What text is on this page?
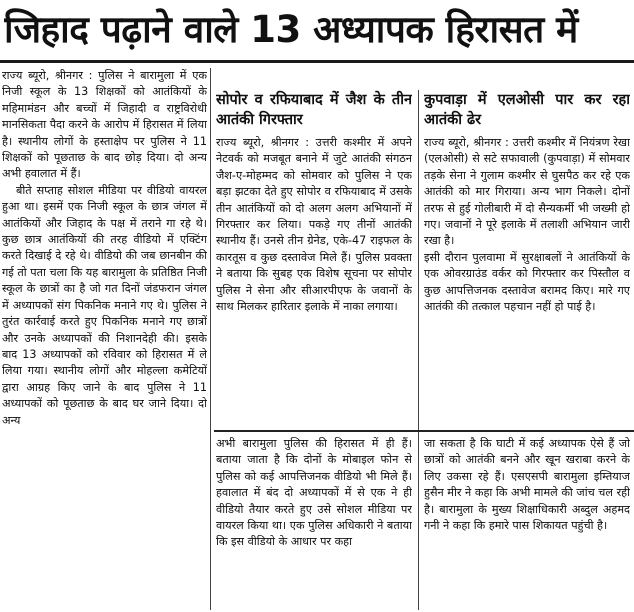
जिहाद पढ़ाने वाले 13 अध्यापक हिरासत में

राज्य ब्यूरो, श्रीनगर : पुलिस ने बारामुला में एक निजी स्कूल के 13 शिक्षकों को आतंकियों के महिमामंडन और बच्चों में जिहादी व राष्ट्रविरोधी मानसिकता पैदा करने के आरोप में हिरासत में लिया है। स्थानीय लोगों के हस्ताक्षेप पर पुलिस ने 11 शिक्षकों को पूछताछ के बाद छोड़ दिया। दो अन्य अभी हवालात में हैं।

बीते सप्ताह सोशल मीडिया पर वीडियो वायरल हुआ था। इसमें एक निजी स्कूल के छात्र जंगल में आतंकियों और जिहाद के पक्ष में तराने गा रहे थे। कुछ छात्र आतंकियों की तरह वीडियो में एक्टिंग करते दिखाई दे रहे थे। वीडियो की जब छानबीन की गई तो पता चला कि यह बारामुला के प्रतिष्ठित निजी स्कूल के छात्रों का है जो गत दिनों जंडफरान जंगल में अध्यापकों संग पिकनिक मनाने गए थे। पुलिस ने तुरंत कार्रवाई करते हुए पिकनिक मनाने गए छात्रों और उनके अध्यापकों की निशानदेही की। इसके बाद 13 अध्यापकों को रविवार को हिरासत में ले लिया गया। स्थानीय लोगों और मोहल्ला कमेटियों द्वारा आग्रह किए जाने के बाद पुलिस ने 11 अध्यापकों को पूछताछ के बाद घर जाने दिया। दो अन्य

सोपोर व रफियाबाद में जैश के तीन आतंकी गिरफ्तार

राज्य ब्यूरो, श्रीनगर : उत्तरी कश्मीर में अपने नेटवर्क को मजबूत बनाने में जुटे आतंकी संगठन जैश-ए-मोहम्मद को सोमवार को पुलिस ने एक बड़ा झटका देते हुए सोपोर व रफियाबाद में उसके तीन आतंकियों को दो अलग अलग अभियानों में गिरफ्तार कर लिया। पकड़े गए तीनों आतंकी स्थानीय हैं। उनसे तीन ग्रेनेड, एके-47 राइफल के कारतूस व कुछ दस्तावेज मिले हैं। पुलिस प्रवक्ता ने बताया कि सुबह एक विशेष सूचना पर सोपोर पुलिस ने सेना और सीआरपीएफ के जवानों के साथ मिलकर हारितार इलाके में नाका लगाया।

कुपवाड़ा में एलओसी पार कर रहा आतंकी ढेर

राज्य ब्यूरो, श्रीनगर : उत्तरी कश्मीर में नियंत्रण रेखा (एलओसी) से सटे सफावाली (कुपवाड़ा) में सोमवार तड़के सेना ने गुलाम कश्मीर से घुसपैठ कर रहे एक आतंकी को मार गिराया। अन्य भाग निकले। दोनों तरफ से हुई गोलीबारी में दो सैन्यकर्मी भी जख्मी हो गए। जवानों ने पूरे इलाके में तलाशी अभियान जारी रखा है।

इसी दौरान पुलवामा में सुरक्षाबलों ने आतंकियों के एक ओवरग्राउंड वर्कर को गिरफ्तार कर पिस्तौल व कुछ आपत्तिजनक दस्तावेज बरामद किए। मारे गए आतंकी की तत्काल पहचान नहीं हो पाई है।

अभी बारामुला पुलिस की हिरासत में ही हैं। बताया जाता है कि दोनों के मोबाइल फोन से पुलिस को कई आपत्तिजनक वीडियो भी मिले हैं। हवालात में बंद दो अध्यापकों में से एक ने ही वीडियो तैयार करते हुए उसे सोशल मीडिया पर वायरल किया था। एक पुलिस अधिकारी ने बताया कि इस वीडियो के आधार पर कहा

जा सकता है कि घाटी में कई अध्यापक ऐसे हैं जो छात्रों को आतंकी बनने और खून खराबा करने के लिए उकसा रहे हैं। एसएसपी बारामुला इम्तियाज हुसैन मीर ने कहा कि अभी मामले की जांच चल रही है। बारामुला के मुख्य शिक्षाधिकारी अब्दुल अहमद गनी ने कहा कि हमारे पास शिकायत पहुंची है।
